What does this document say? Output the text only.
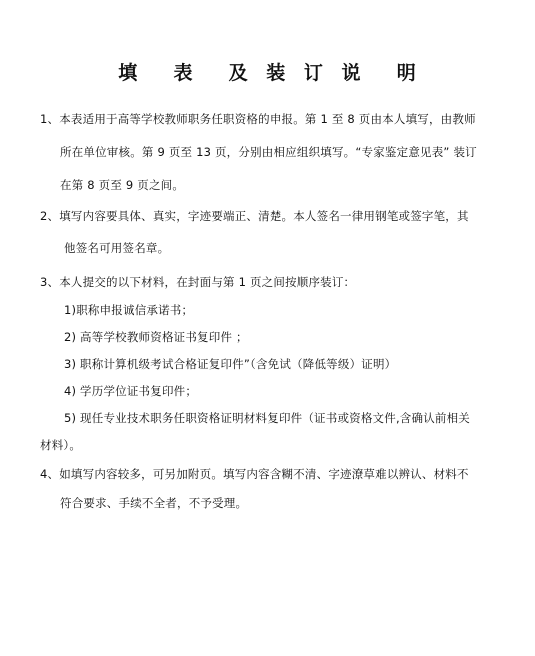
填  表  及 装 订 说  明
1、本表适用于高等学校教师职务任职资格的申报。第 1 至 8 页由本人填写，由教师
所在单位审核。第 9 页至 13 页，分别由相应组织填写。“专家鉴定意见表” 装订
在第 8 页至 9 页之间。
2、填写内容要具体、真实，字迹要端正、清楚。本人签名一律用钢笔或签字笔，其
他签名可用签名章。
3、本人提交的以下材料，在封面与第 1 页之间按顺序装订：
1)职称申报诚信承诺书；
2) 高等学校教师资格证书复印件 ；
3) 职称计算机级考试合格证复印件”（含免试（降低等级）证明）
4) 学历学位证书复印件；
5) 现任专业技术职务任职资格证明材料复印件（证书或资格文件,含确认前相关
材料）。
4、如填写内容较多，可另加附页。填写内容含糊不清、字迹潦草难以辨认、材料不
符合要求、手续不全者，不予受理。
